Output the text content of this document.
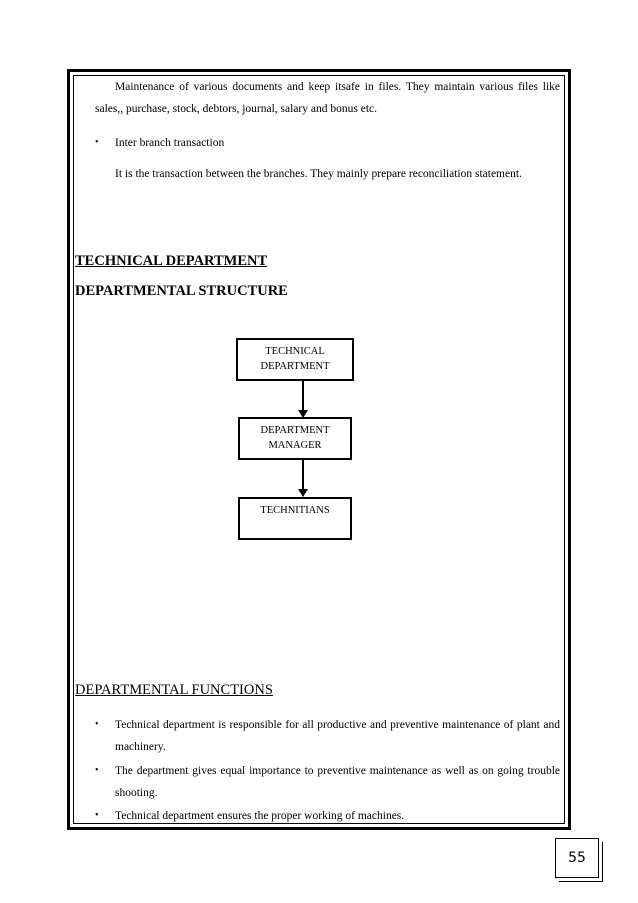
Maintenance of various documents and keep itsafe in files. They maintain various files like sales,, purchase, stock, debtors, journal, salary and bonus etc.
• Inter branch transaction
It is the transaction between the branches. They mainly prepare reconciliation statement.
TECHNICAL DEPARTMENT
DEPARTMENTAL STRUCTURE
TECHNICAL
DEPARTMENT
DEPARTMENT
MANAGER
TECHNITIANS
DEPARTMENTAL FUNCTIONS
• Technical department is responsible for all productive and preventive maintenance of plant and machinery.
• The department gives equal importance to preventive maintenance as well as on going trouble shooting.
• Technical department ensures the proper working of machines.
55
